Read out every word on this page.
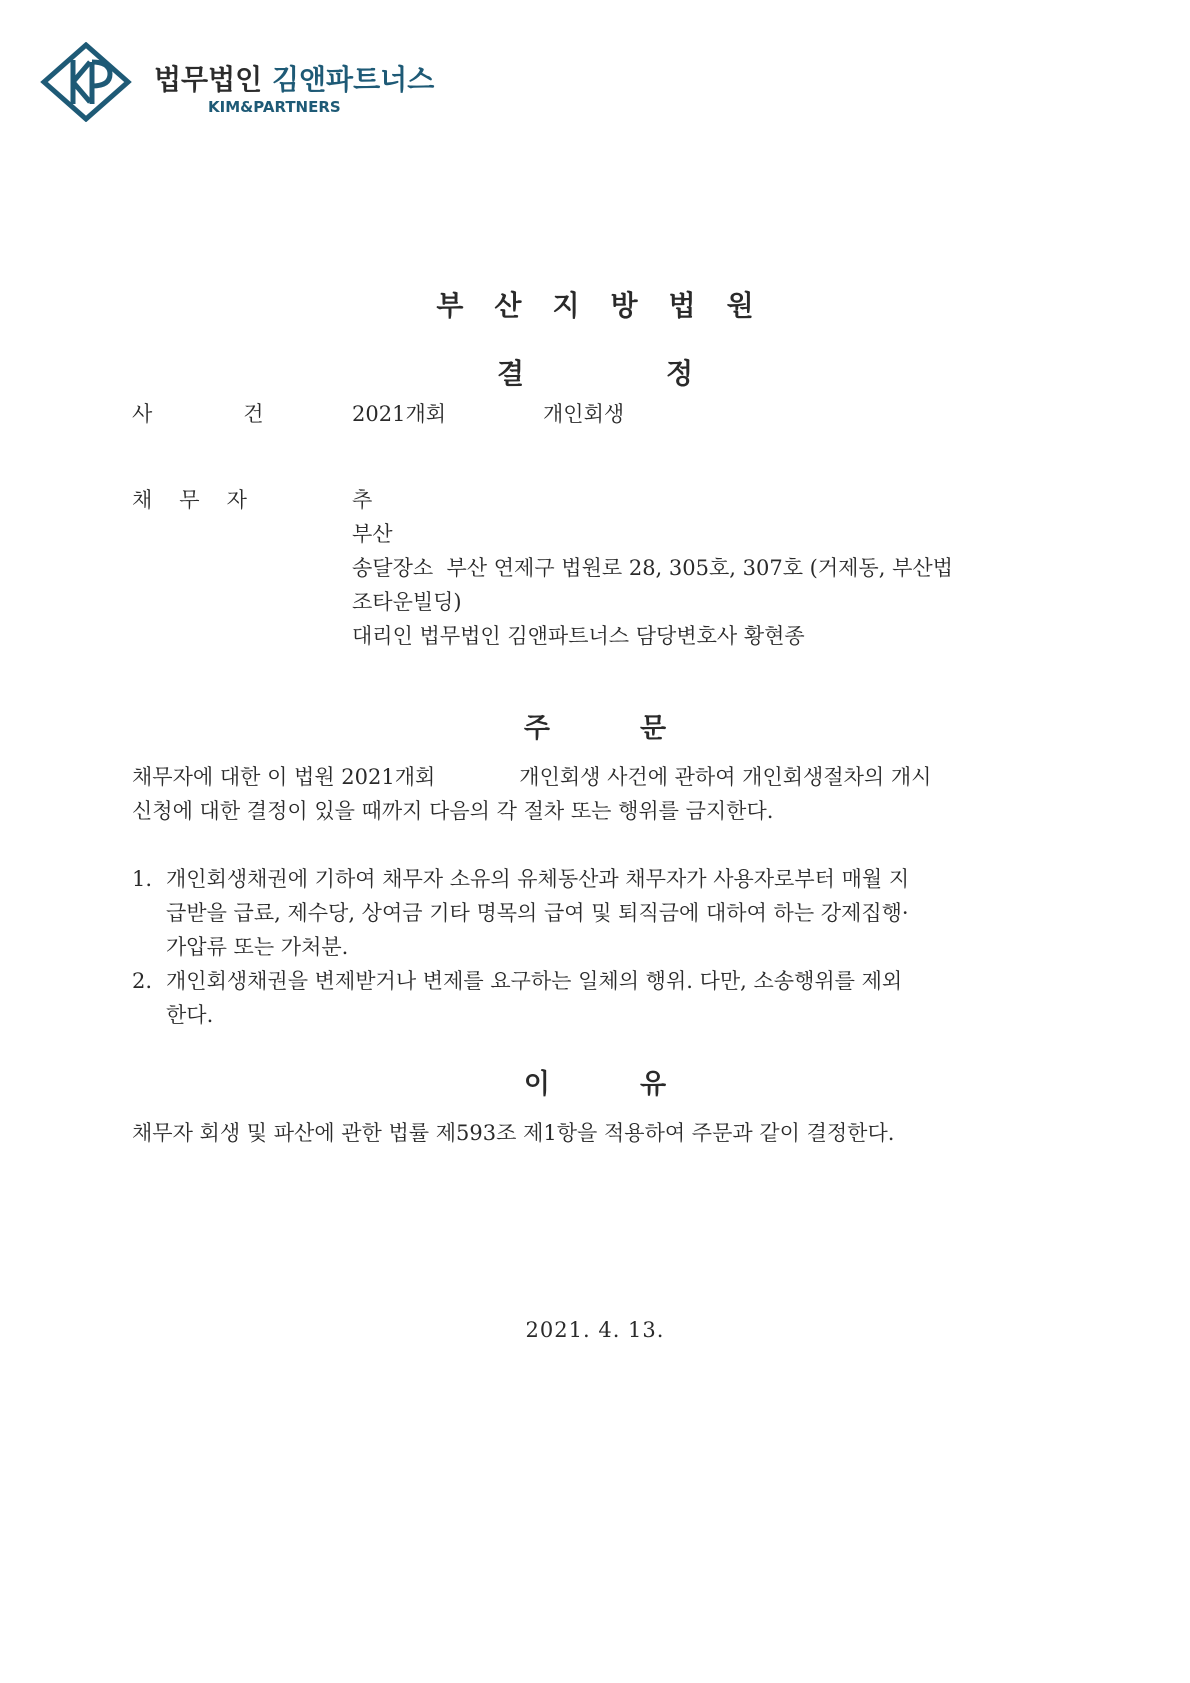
법무법인 김앤파트너스
KIM&PARTNERS
부산지방법원
결정
사건
2021개회	개인회생
채무자	추
부산
송달장소 부산 연제구 법원로 28, 305호, 307호 (거제동, 부산법
조타운빌딩)
대리인 법무법인 김앤파트너스 담당변호사 황현종
주문
채무자에 대한 이 법원 2021개회	개인회생 사건에 관하여 개인회생절차의 개시
신청에 대한 결정이 있을 때까지 다음의 각 절차 또는 행위를 금지한다.
1. 개인회생채권에 기하여 채무자 소유의 유체동산과 채무자가 사용자로부터 매월 지
급받을 급료, 제수당, 상여금 기타 명목의 급여 및 퇴직금에 대하여 하는 강제집행·
가압류 또는 가처분.
2. 개인회생채권을 변제받거나 변제를 요구하는 일체의 행위. 다만, 소송행위를 제외
한다.
이유
채무자 회생 및 파산에 관한 법률 제593조 제1항을 적용하여 주문과 같이 결정한다.
2021. 4. 13.
